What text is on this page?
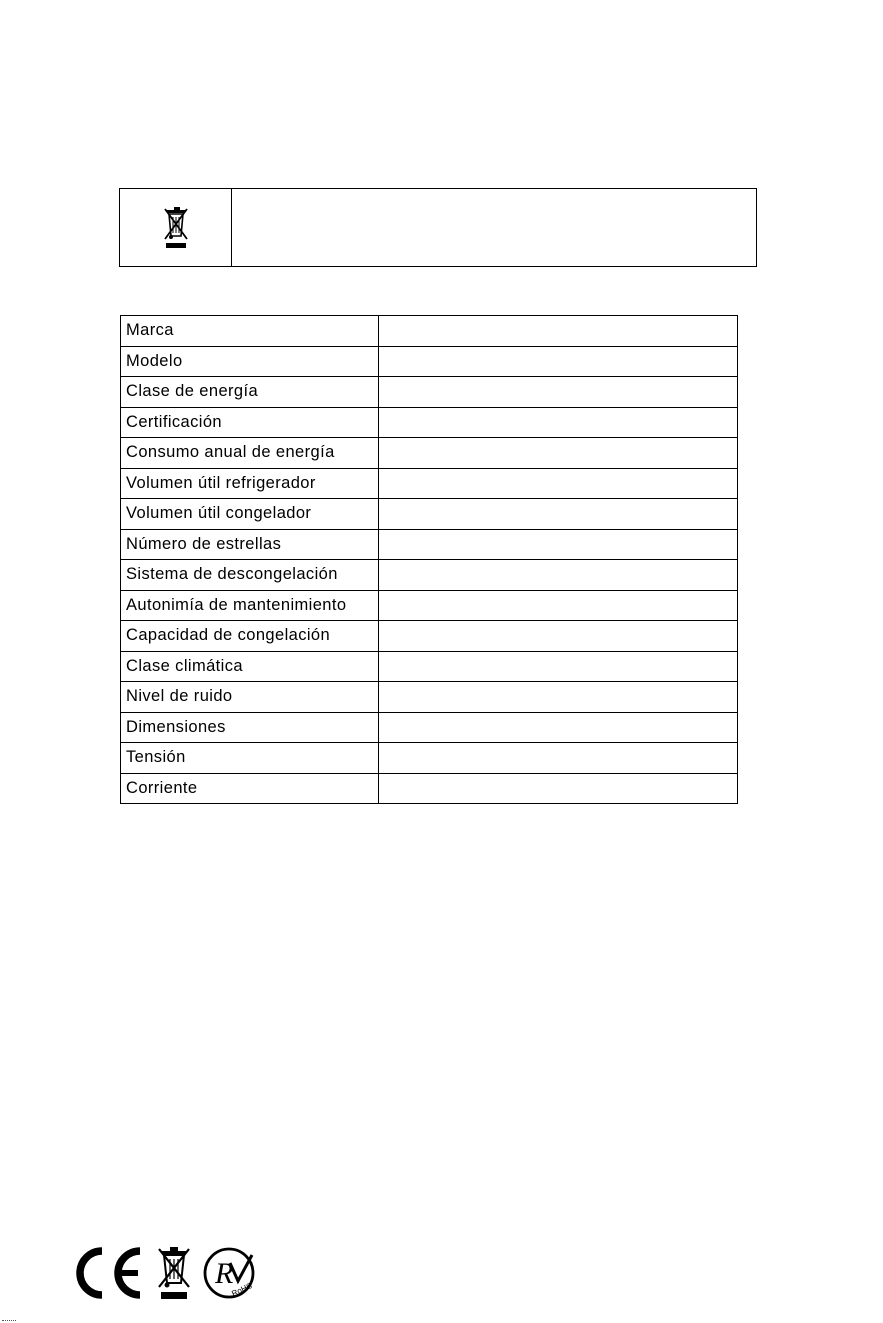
Marca	
Modelo	
Clase de energía	
Certificación	
Consumo anual de energía	
Volumen útil refrigerador	
Volumen útil congelador	
Número de estrellas	
Sistema de descongelación	
Autonimía de mantenimiento	
Capacidad de congelación	
Clase climática	
Nivel de ruido	
Dimensiones	
Tensión	
Corriente	
R
RoHS
